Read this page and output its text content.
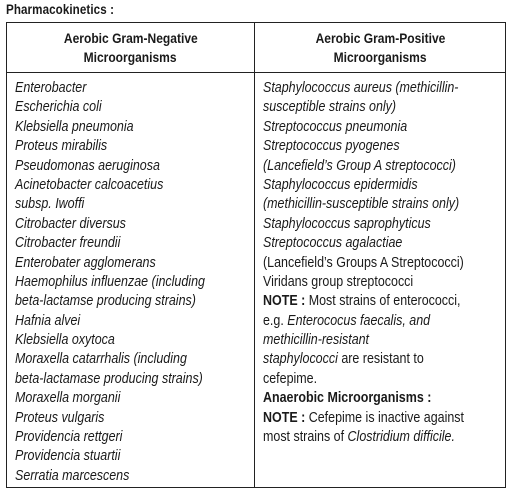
Pharmacokinetics :
Aerobic Gram-Negative
Microorganisms
Aerobic Gram-Positive
Microorganisms
Enterobacter
Escherichia coli
Klebsiella pneumonia
Proteus mirabilis
Pseudomonas aeruginosa
Acinetobacter calcoacetius
subsp. Iwoffi
Citrobacter diversus
Citrobacter freundii
Enterobater agglomerans
Haemophilus influenzae (including
beta-lactamse producing strains)
Hafnia alvei
Klebsiella oxytoca
Moraxella catarrhalis (including
beta-lactamase producing strains)
Moraxella morganii
Proteus vulgaris
Providencia rettgeri
Providencia stuartii
Serratia marcescens
Staphylococcus aureus (methicillin-
susceptible strains only)
Streptococcus pneumonia
Streptococcus pyogenes
(Lancefield’s Group A streptococci)
Staphylococcus epidermidis
(methicillin-susceptible strains only)
Staphylococcus saprophyticus
Streptococcus agalactiae
(Lancefield’s Groups A Streptococci)
Viridans group streptococci
NOTE : Most strains of enterococci,
e.g. Enterococus faecalis, and
methicillin-resistant
staphylococci are resistant to
cefepime.
Anaerobic Microorganisms :
NOTE : Cefepime is inactive against
most strains of Clostridium difficile.
